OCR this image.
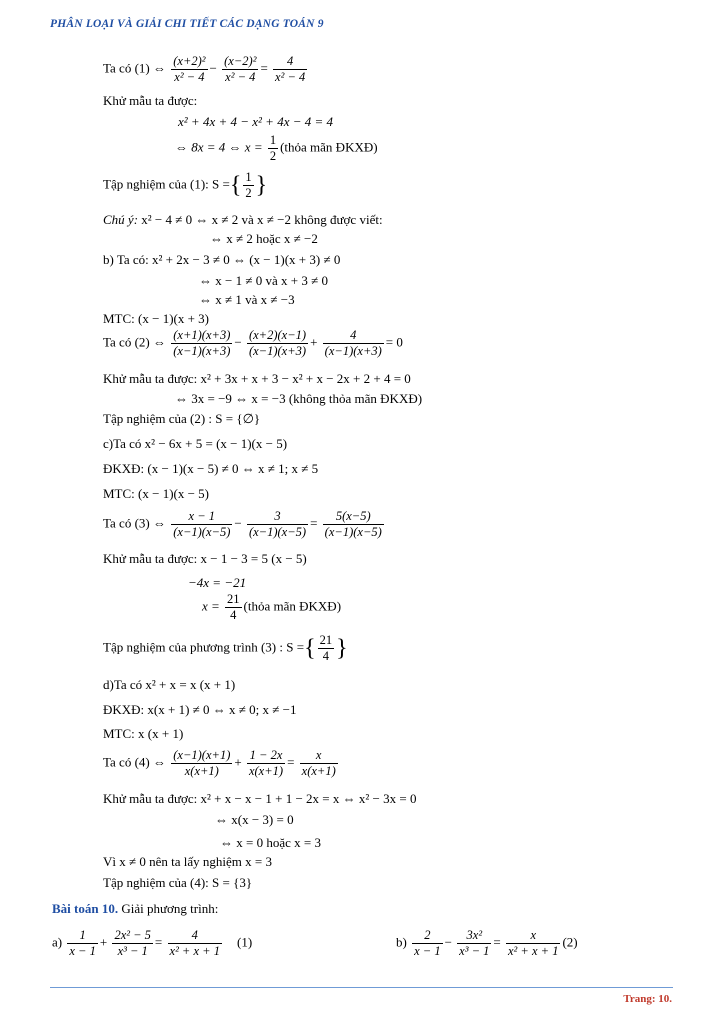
PHÂN LOẠI VÀ GIẢI CHI TIẾT CÁC DẠNG TOÁN 9
Ta có (1) ⇔ $\frac{\text{(x+2)²}}{\text{x² − 4}} - \frac{\text{(x−2)²}}{\text{x² − 4}} = \frac{4}{\text{x² − 4}}$
Khử mẫu ta được:
x² + 4x + 4 − x² + 4x − 4 = 4
⇔ 8x = 4 ⇔ $x = \frac{1}{2}$ (thỏa mãn ĐKXĐ)
Tập nghiệm của (1): S ={ $\frac{1}{2}$ }
Chú ý: x² − 4 ≠ 0 ⇔ x ≠ 2 và x ≠ −2 không được viết:
⇔ x ≠ 2 hoặc x ≠ −2
b) Ta có: x² + 2x − 3 ≠ 0 ⇔ (x − 1)(x + 3) ≠ 0
⇔ x − 1 ≠ 0 và x + 3 ≠ 0
⇔ x ≠ 1 và x ≠ −3
MTC: (x − 1)(x + 3)
Ta có (2) ⇔ $\frac{(x+1)(x+3)}{(x-1)(x+3)} - \frac{(x+2)(x-1)}{(x-1)(x+3)} + \frac{4}{(x-1)(x+3)} = 0$
Khử mẫu ta được: x² + 3x + x + 3 − x² + x − 2x + 2 + 4 = 0
⇔ 3x = −9 ⇔ x = −3 (không thỏa mãn ĐKXĐ)
Tập nghiệm của (2) : S = {∅}
c)Ta có x² − 6x + 5 = (x − 1)(x − 5)
ĐKXĐ: (x − 1)(x − 5) ≠ 0 ⇔ x ≠ 1; x ≠ 5
MTC: (x − 1)(x − 5)
Ta có (3) ⇔ $\frac{x - 1}{(x-1)(x-5)} - \frac{3}{(x-1)(x-5)} = \frac{5(x-5)}{(x-1)(x-5)}$
Khử mẫu ta được: x − 1 − 3 = 5 (x − 5)
−4x = −21
$x = \frac{21}{4}$ (thỏa mãn ĐKXĐ)
Tập nghiệm của phương trình (3) : S ={ $\frac{21}{4}$ }
d)Ta có x² + x = x (x + 1)
ĐKXĐ: x(x + 1) ≠ 0 ⇔ x ≠ 0; x ≠ −1
MTC: x (x + 1)
Ta có (4) ⇔ $\frac{(x-1)(x+1)}{x(x+1)} + \frac{1 - 2x}{x(x+1)} = \frac{x}{x(x+1)}$
Khử mẫu ta được: x² + x − x − 1 + 1 − 2x = x ⇔ x² − 3x = 0
⇔ x(x − 3) = 0
⇔ x = 0 hoặc x = 3
Vì x ≠ 0 nên ta lấy nghiệm x = 3
Tập nghiệm của (4): S = {3}
Bài toán 10. Giải phương trình:
$a) \frac{1}{x - 1} + \frac{\text{2x² − 5}}{\text{x³ − 1}} = \frac{4}{\text{x² + x + 1}} (1)$	$b) \frac{2}{x - 1} - \frac{\text{3x²}}{\text{x³ − 1}} = \frac{x}{\text{x² + x + 1}} (2)$
Trang: 10.
